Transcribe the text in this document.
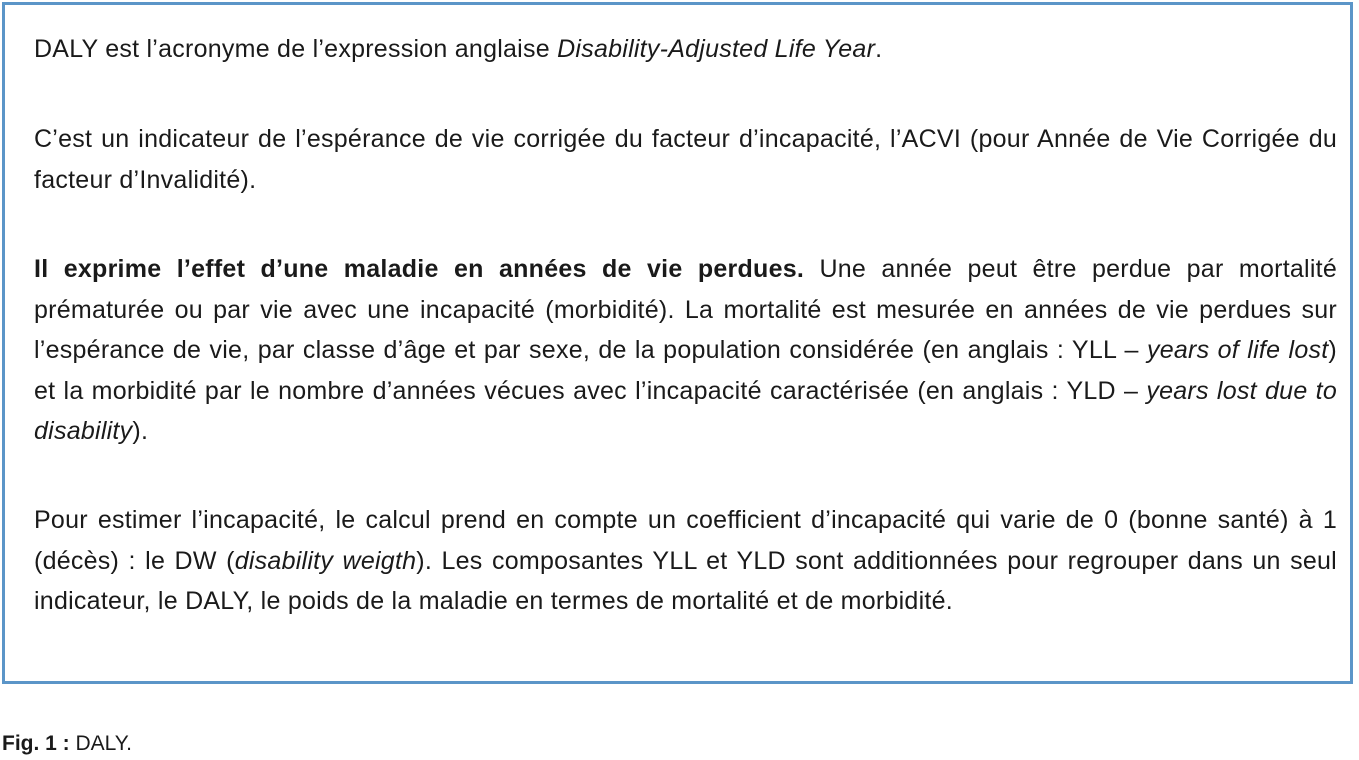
DALY est l’acronyme de l’expression anglaise Disability-Adjusted Life Year.

C’est un indicateur de l’espérance de vie corrigée du facteur d’incapacité, l’ACVI (pour Année de Vie Corrigée du facteur d’Invalidité).

Il exprime l’effet d’une maladie en années de vie perdues. Une année peut être perdue par mortalité prématurée ou par vie avec une incapacité (morbidité). La mortalité est mesurée en années de vie perdues sur l’espérance de vie, par classe d’âge et par sexe, de la population considérée (en anglais : YLL – years of life lost) et la morbidité par le nombre d’années vécues avec l’incapacité caractérisée (en anglais : YLD – years lost due to disability).

Pour estimer l’incapacité, le calcul prend en compte un coefficient d’incapacité qui varie de 0 (bonne santé) à 1 (décès) : le DW (disability weigth). Les composantes YLL et YLD sont additionnées pour regrouper dans un seul indicateur, le DALY, le poids de la maladie en termes de mortalité et de morbidité.

Fig. 1 : DALY.
